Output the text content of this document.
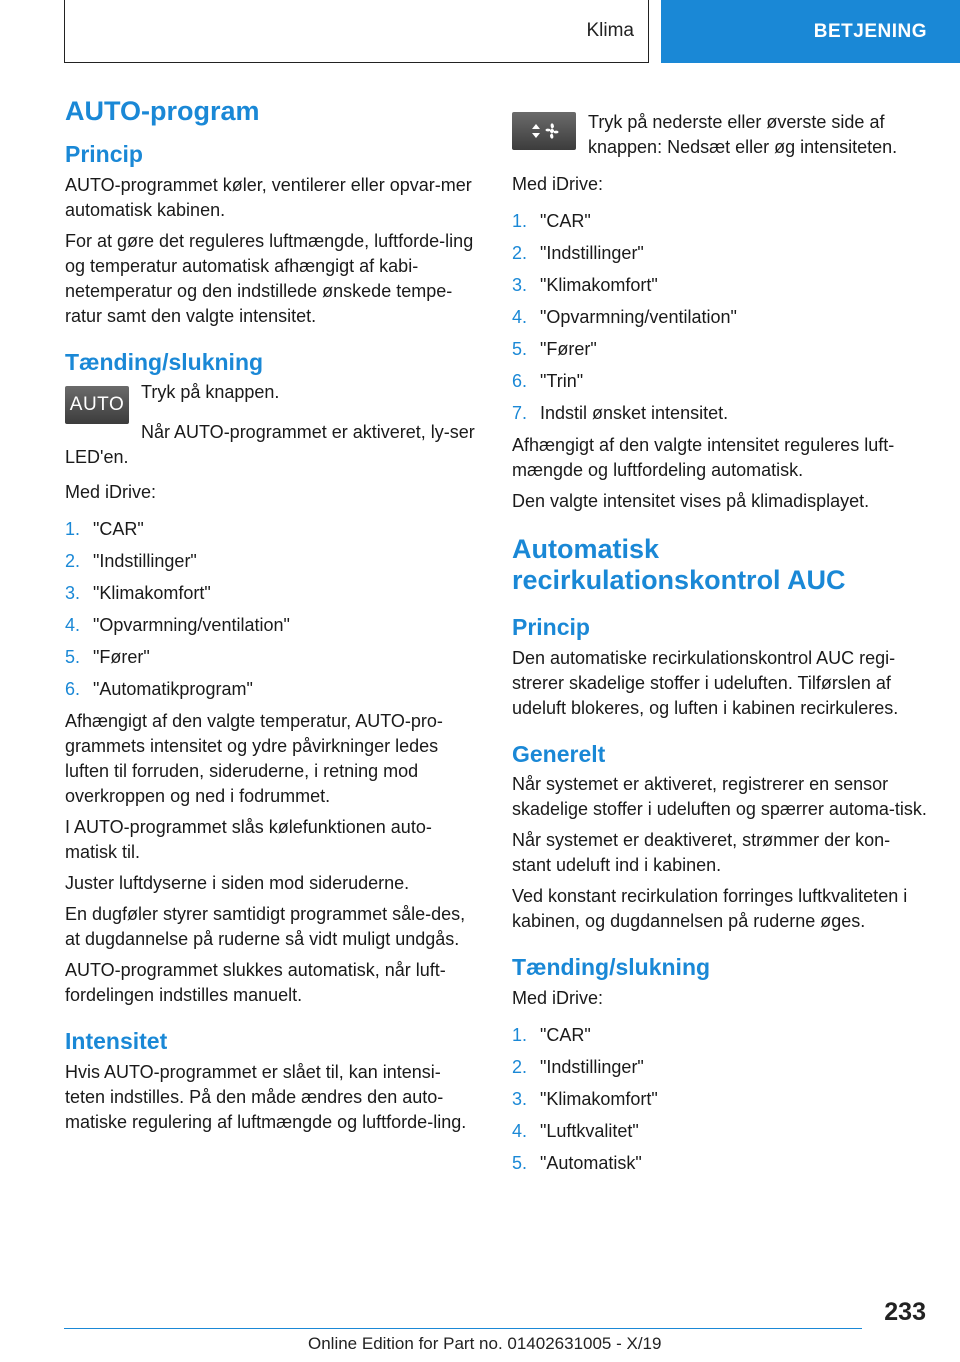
Klima	BETJENING
AUTO-program
Princip

AUTO-programmet køler, ventilerer eller opvar-mer automatisk kabinen.

For at gøre det reguleres luftmængde, luftforde-ling og temperatur automatisk afhængigt af kabi-netemperatur og den indstillede ønskede tempe-ratur samt den valgte intensitet.

Tænding/slukning
AUTO

Tryk på knappen.

Når AUTO-programmet er aktiveret, ly-ser LED'en.

Med iDrive:

1. "CAR"
2. "Indstillinger"
3. "Klimakomfort"
4. "Opvarmning/ventilation"
5. "Fører"
6. "Automatikprogram"

Afhængigt af den valgte temperatur, AUTO-pro-grammets intensitet og ydre påvirkninger ledes luften til forruden, sideruderne, i retning mod overkroppen og ned i fodrummet.

I AUTO-programmet slås kølefunktionen auto-matisk til.

Juster luftdyserne i siden mod sideruderne.

En dugføler styrer samtidigt programmet såle-des, at dugdannelse på ruderne så vidt muligt undgås.

AUTO-programmet slukkes automatisk, når luft-fordelingen indstilles manuelt.

Intensitet

Hvis AUTO-programmet er slået til, kan intensi-teten indstilles. På den måde ændres den auto-matiske regulering af luftmængde og luftforde-ling.

Tryk på nederste eller øverste side af knappen: Nedsæt eller øg intensiteten.

Med iDrive:

1. "CAR"
2. "Indstillinger"
3. "Klimakomfort"
4. "Opvarmning/ventilation"
5. "Fører"
6. "Trin"
7. Indstil ønsket intensitet.

Afhængigt af den valgte intensitet reguleres luft-mængde og luftfordeling automatisk.

Den valgte intensitet vises på klimadisplayet.

Automatisk recirkulationskontrol AUC
Princip

Den automatiske recirkulationskontrol AUC regi-strerer skadelige stoffer i udeluften. Tilførslen af udeluft blokeres, og luften i kabinen recirkuleres.

Generelt

Når systemet er aktiveret, registrerer en sensor skadelige stoffer i udeluften og spærrer automa-tisk.

Når systemet er deaktiveret, strømmer der kon-stant udeluft ind i kabinen.

Ved konstant recirkulation forringes luftkvaliteten i kabinen, og dugdannelsen på ruderne øges.

Tænding/slukning

Med iDrive:

1. "CAR"
2. "Indstillinger"
3. "Klimakomfort"
4. "Luftkvalitet"
5. "Automatisk"
233
Online Edition for Part no. 01402631005 - X/19
